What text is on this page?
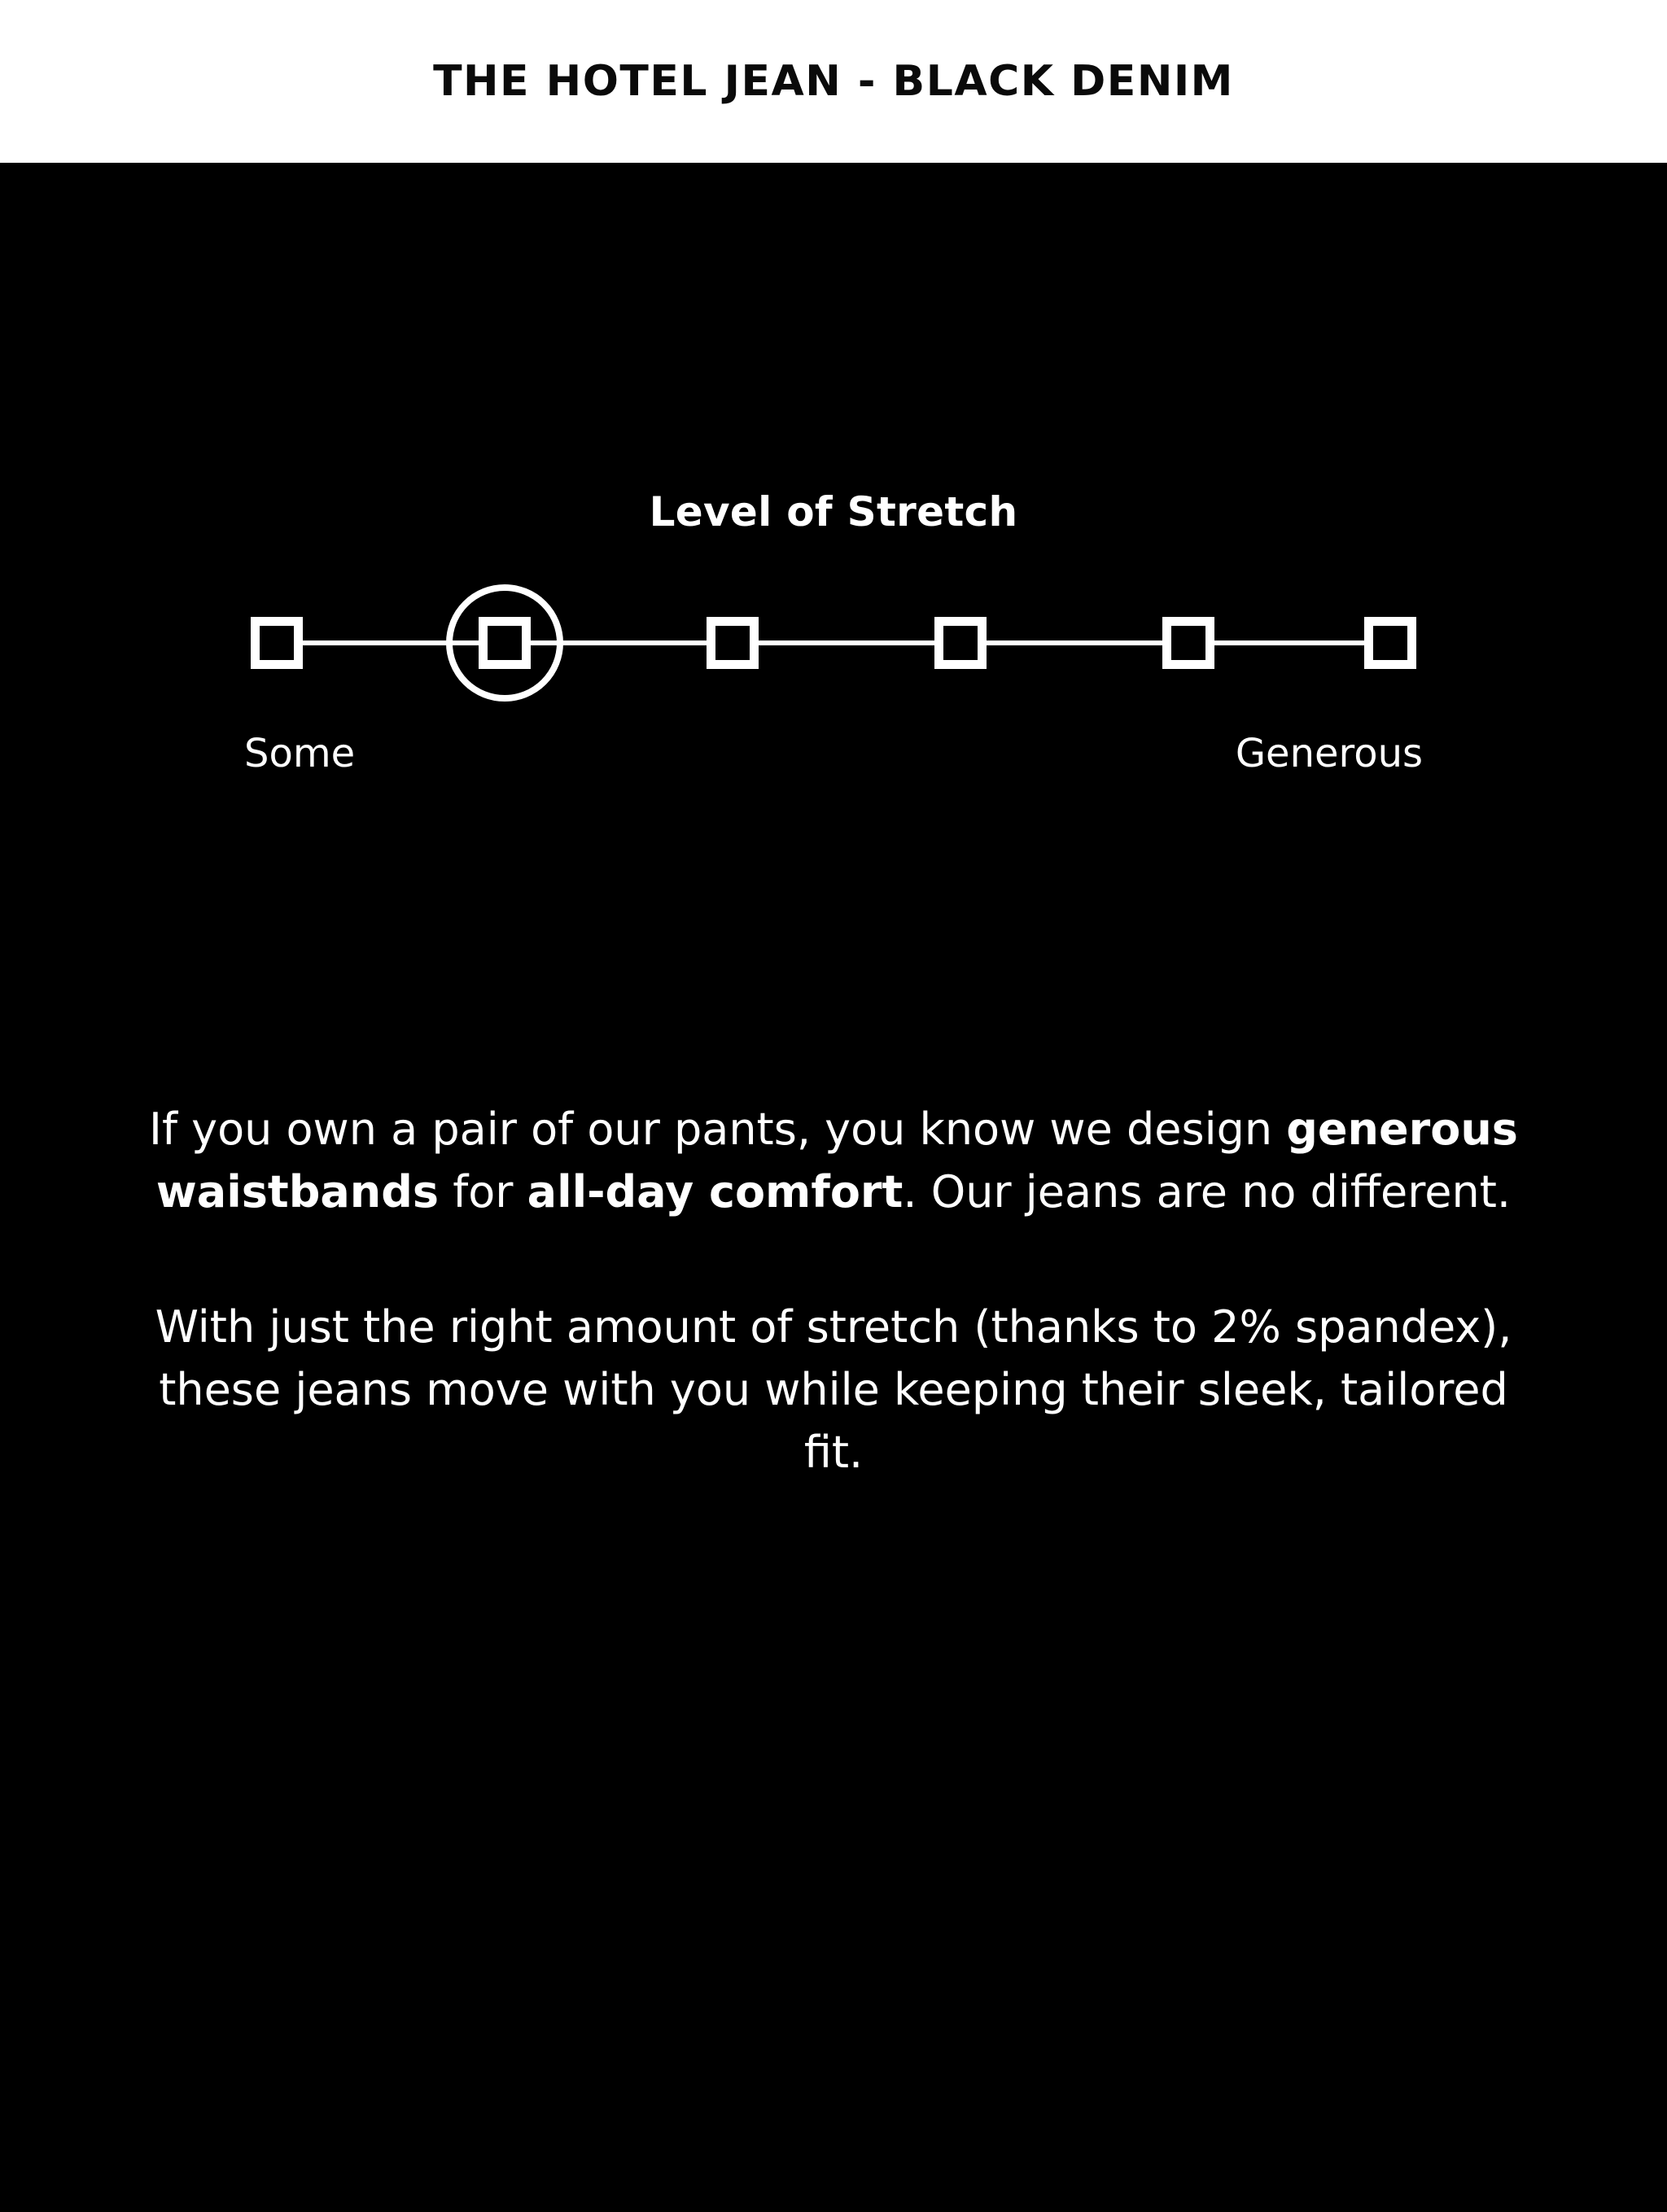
THE HOTEL JEAN - BLACK DENIM
Level of Stretch
Some	Generous

If you own a pair of our pants, you know we design generous waistbands for all-day comfort. Our jeans are no different.

With just the right amount of stretch (thanks to 2% spandex), these jeans move with you while keeping their sleek, tailored fit.
